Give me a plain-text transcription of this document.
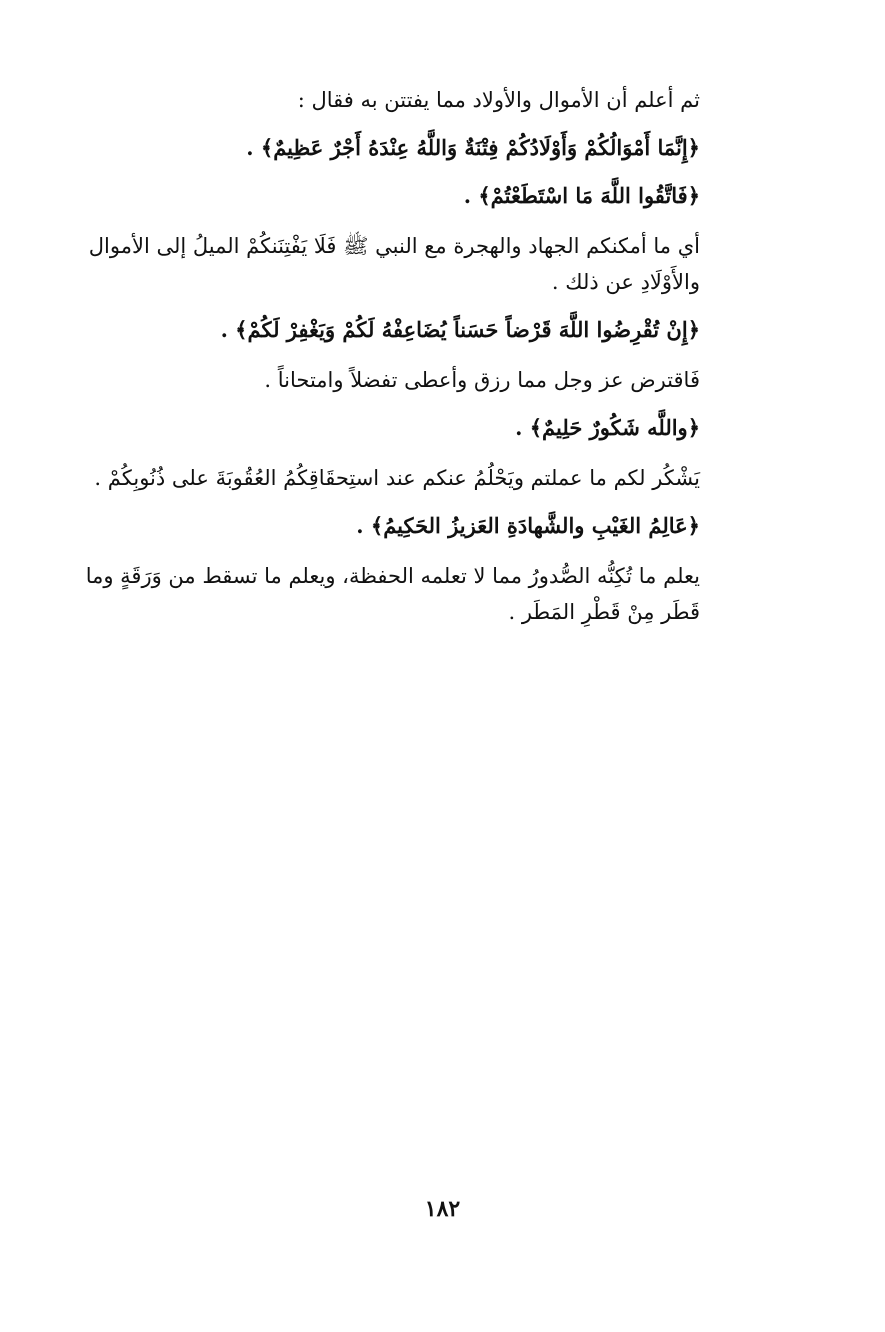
ثم أعلم أن الأموال والأولاد مما يفتتن به فقال :

﴿إِنَّمَا أَمْوَالُكُمْ وَأَوْلَادُكُمْ فِتْنَةٌ وَاللَّهُ عِنْدَهُ أَجْرٌ عَظِيمٌ﴾ .

﴿فَاتَّقُوا اللَّهَ مَا اسْتَطَعْتُمْ﴾ .

أي ما أمكنكم الجهاد والهجرة مع النبي ﷺ فَلَا يَفْتِنَنكُمْ الميلُ إلى الأموال والأَوْلَادِ عن ذلك .

﴿إِنْ تُقْرِضُوا اللَّهَ قَرْضاً حَسَناً يُضَاعِفْهُ لَكُمْ وَيَغْفِرْ لَكُمْ﴾ .

فَاقترض عز وجل مما رزق وأعطى تفضلاً وامتحاناً .

﴿واللَّه شَكُورٌ حَلِيمٌ﴾ .

يَشْكُر لكم ما عملتم ويَحْلُمُ عنكم عند استِحقَاقِكُمُ العُقُوبَةَ على ذُنُوبِكُمْ .

﴿عَالِمُ الغَيْبِ والشَّهادَةِ العَزيزُ الحَكِيمُ﴾ .

يعلم ما تُكِنُّه الصُّدورُ مما لا تعلمه الحفظة، ويعلم ما تسقط من وَرَقَةٍ وما قَطَر مِنْ قَطْرِ المَطَر .

١٨٢
